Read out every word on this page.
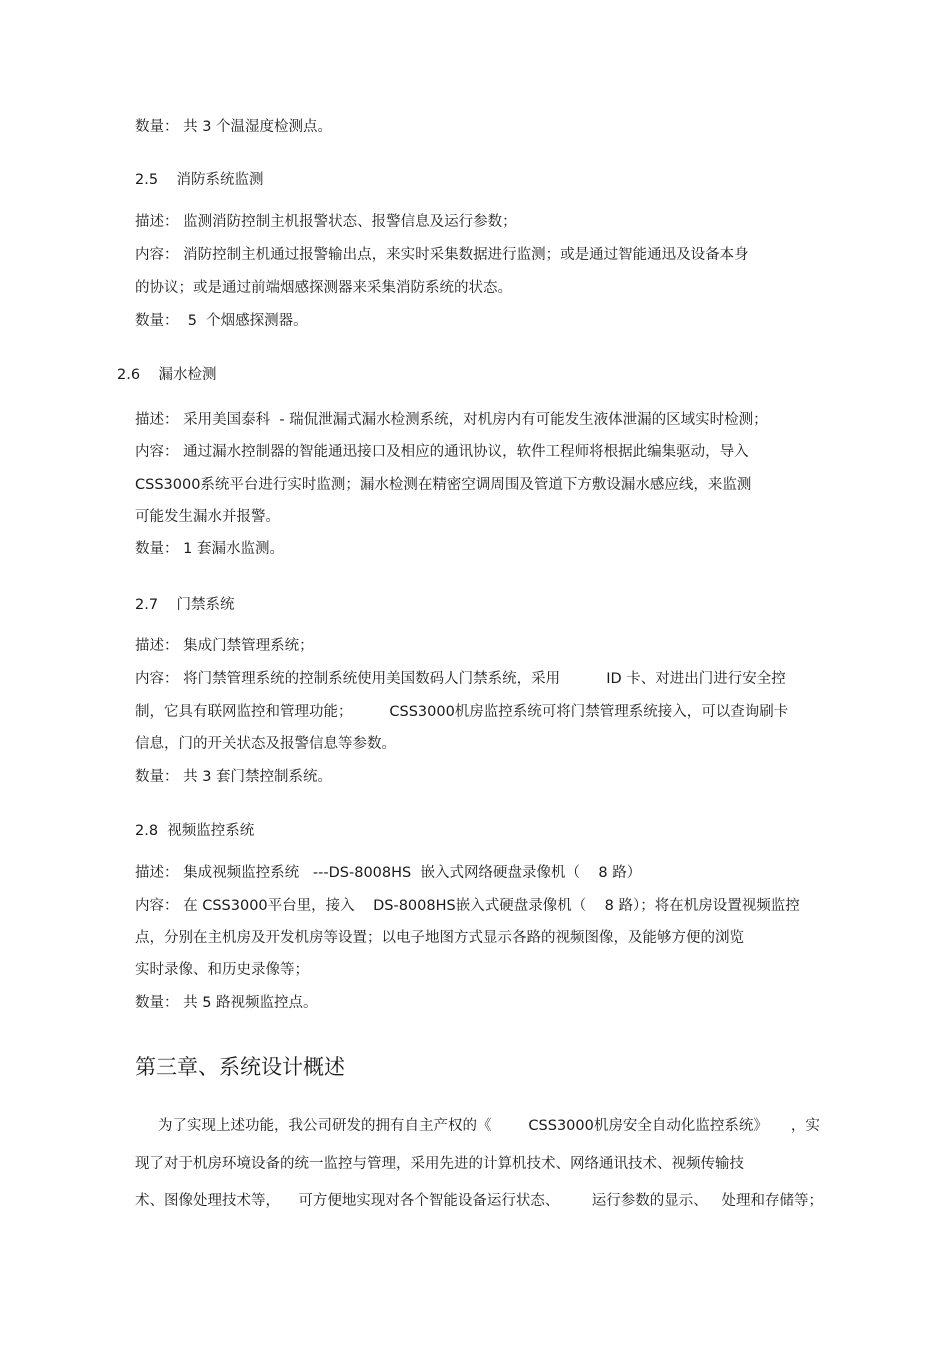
数量： 共 3 个温湿度检测点。

2.5    消防系统监测

描述： 监测消防控制主机报警状态、报警信息及运行参数；

内容： 消防控制主机通过报警输出点，来实时采集数据进行监测；或是通过智能通迅及设备本身

的协议；或是通过前端烟感探测器来采集消防系统的状态。

数量：  5  个烟感探测器。

2.6    漏水检测

描述： 采用美国泰科  - 瑞侃泄漏式漏水检测系统，对机房内有可能发生液体泄漏的区域实时检测；

内容： 通过漏水控制器的智能通迅接口及相应的通讯协议，软件工程师将根据此编集驱动，导入

CSS3000系统平台进行实时监测；漏水检测在精密空调周围及管道下方敷设漏水感应线，来监测

可能发生漏水并报警。

数量： 1 套漏水监测。

2.7    门禁系统

描述： 集成门禁管理系统；

内容： 将门禁管理系统的控制系统使用美国数码人门禁系统，采用          ID 卡、对进出门进行安全控

制，它具有联网监控和管理功能；        CSS3000机房监控系统可将门禁管理系统接入，可以查询刷卡

信息，门的开关状态及报警信息等参数。

数量： 共 3 套门禁控制系统。

2.8  视频监控系统

描述： 集成视频监控系统   ---DS-8008HS  嵌入式网络硬盘录像机（    8 路）

内容： 在 CSS3000平台里，接入    DS-8008HS嵌入式硬盘录像机（    8 路）；将在机房设置视频监控

点，分别在主机房及开发机房等设置；以电子地图方式显示各路的视频图像，及能够方便的浏览

实时录像、和历史录像等；

数量： 共 5 路视频监控点。

第三章、系统设计概述

为了实现上述功能，我公司研发的拥有自主产权的《        CSS3000机房安全自动化监控系统》     ，实

现了对于机房环境设备的统一监控与管理，采用先进的计算机技术、网络通讯技术、视频传输技

术、图像处理技术等，    可方便地实现对各个智能设备运行状态、       运行参数的显示、   处理和存储等；
